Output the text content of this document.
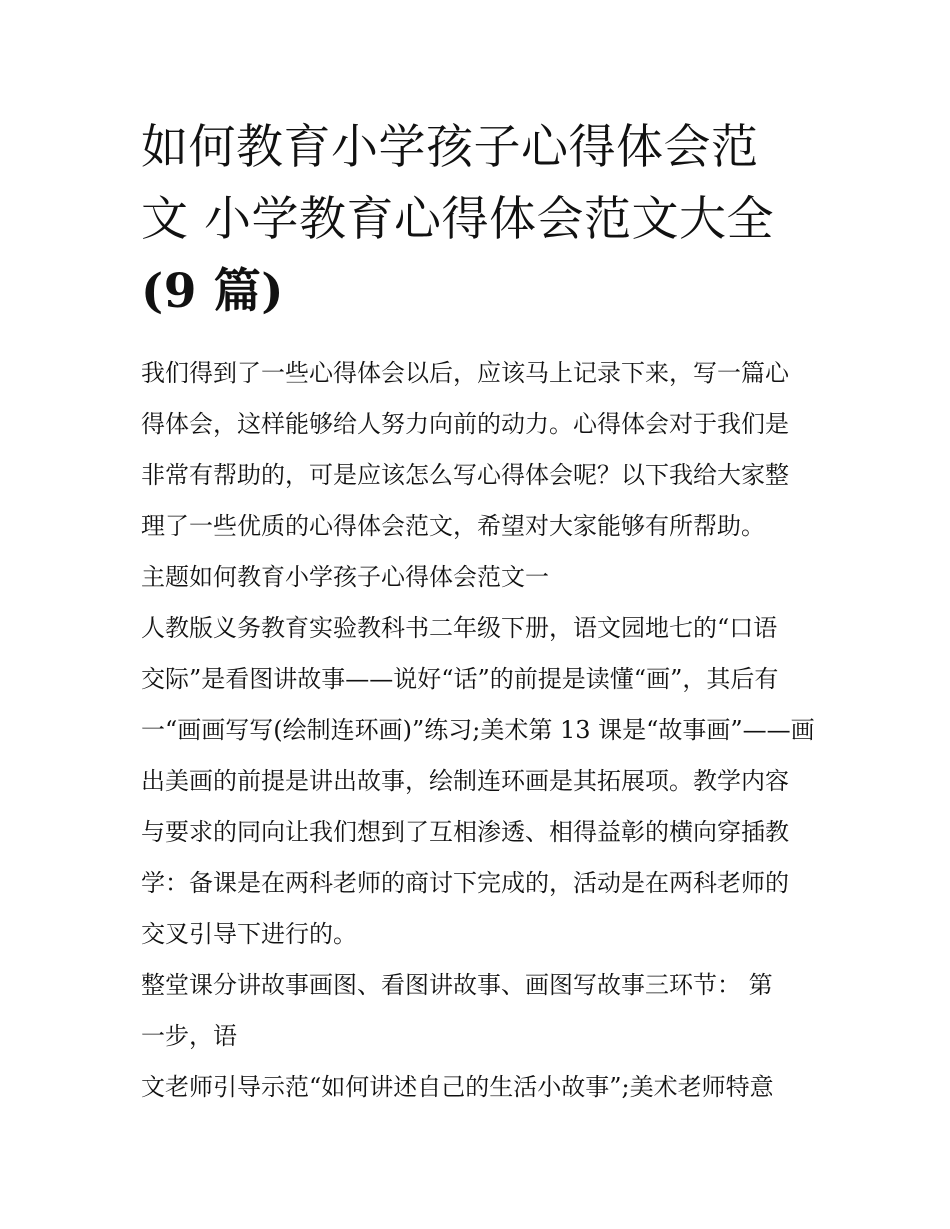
如何教育小学孩子心得体会范
文 小学教育心得体会范文大全
(9 篇)

我们得到了一些心得体会以后，应该马上记录下来，写一篇心
得体会，这样能够给人努力向前的动力。心得体会对于我们是
非常有帮助的，可是应该怎么写心得体会呢？以下我给大家整
理了一些优质的心得体会范文，希望对大家能够有所帮助。

主题如何教育小学孩子心得体会范文一

人教版义务教育实验教科书二年级下册，语文园地七的“口语
交际”是看图讲故事——说好“话”的前提是读懂“画”，其后有
一“画画写写(绘制连环画)”练习;美术第 13 课是“故事画”——画
出美画的前提是讲出故事，绘制连环画是其拓展项。教学内容
与要求的同向让我们想到了互相渗透、相得益彰的横向穿插教
学：备课是在两科老师的商讨下完成的，活动是在两科老师的
交叉引导下进行的。

整堂课分讲故事画图、看图讲故事、画图写故事三环节： 第
一步，语

文老师引导示范“如何讲述自己的生活小故事”;美术老师特意
